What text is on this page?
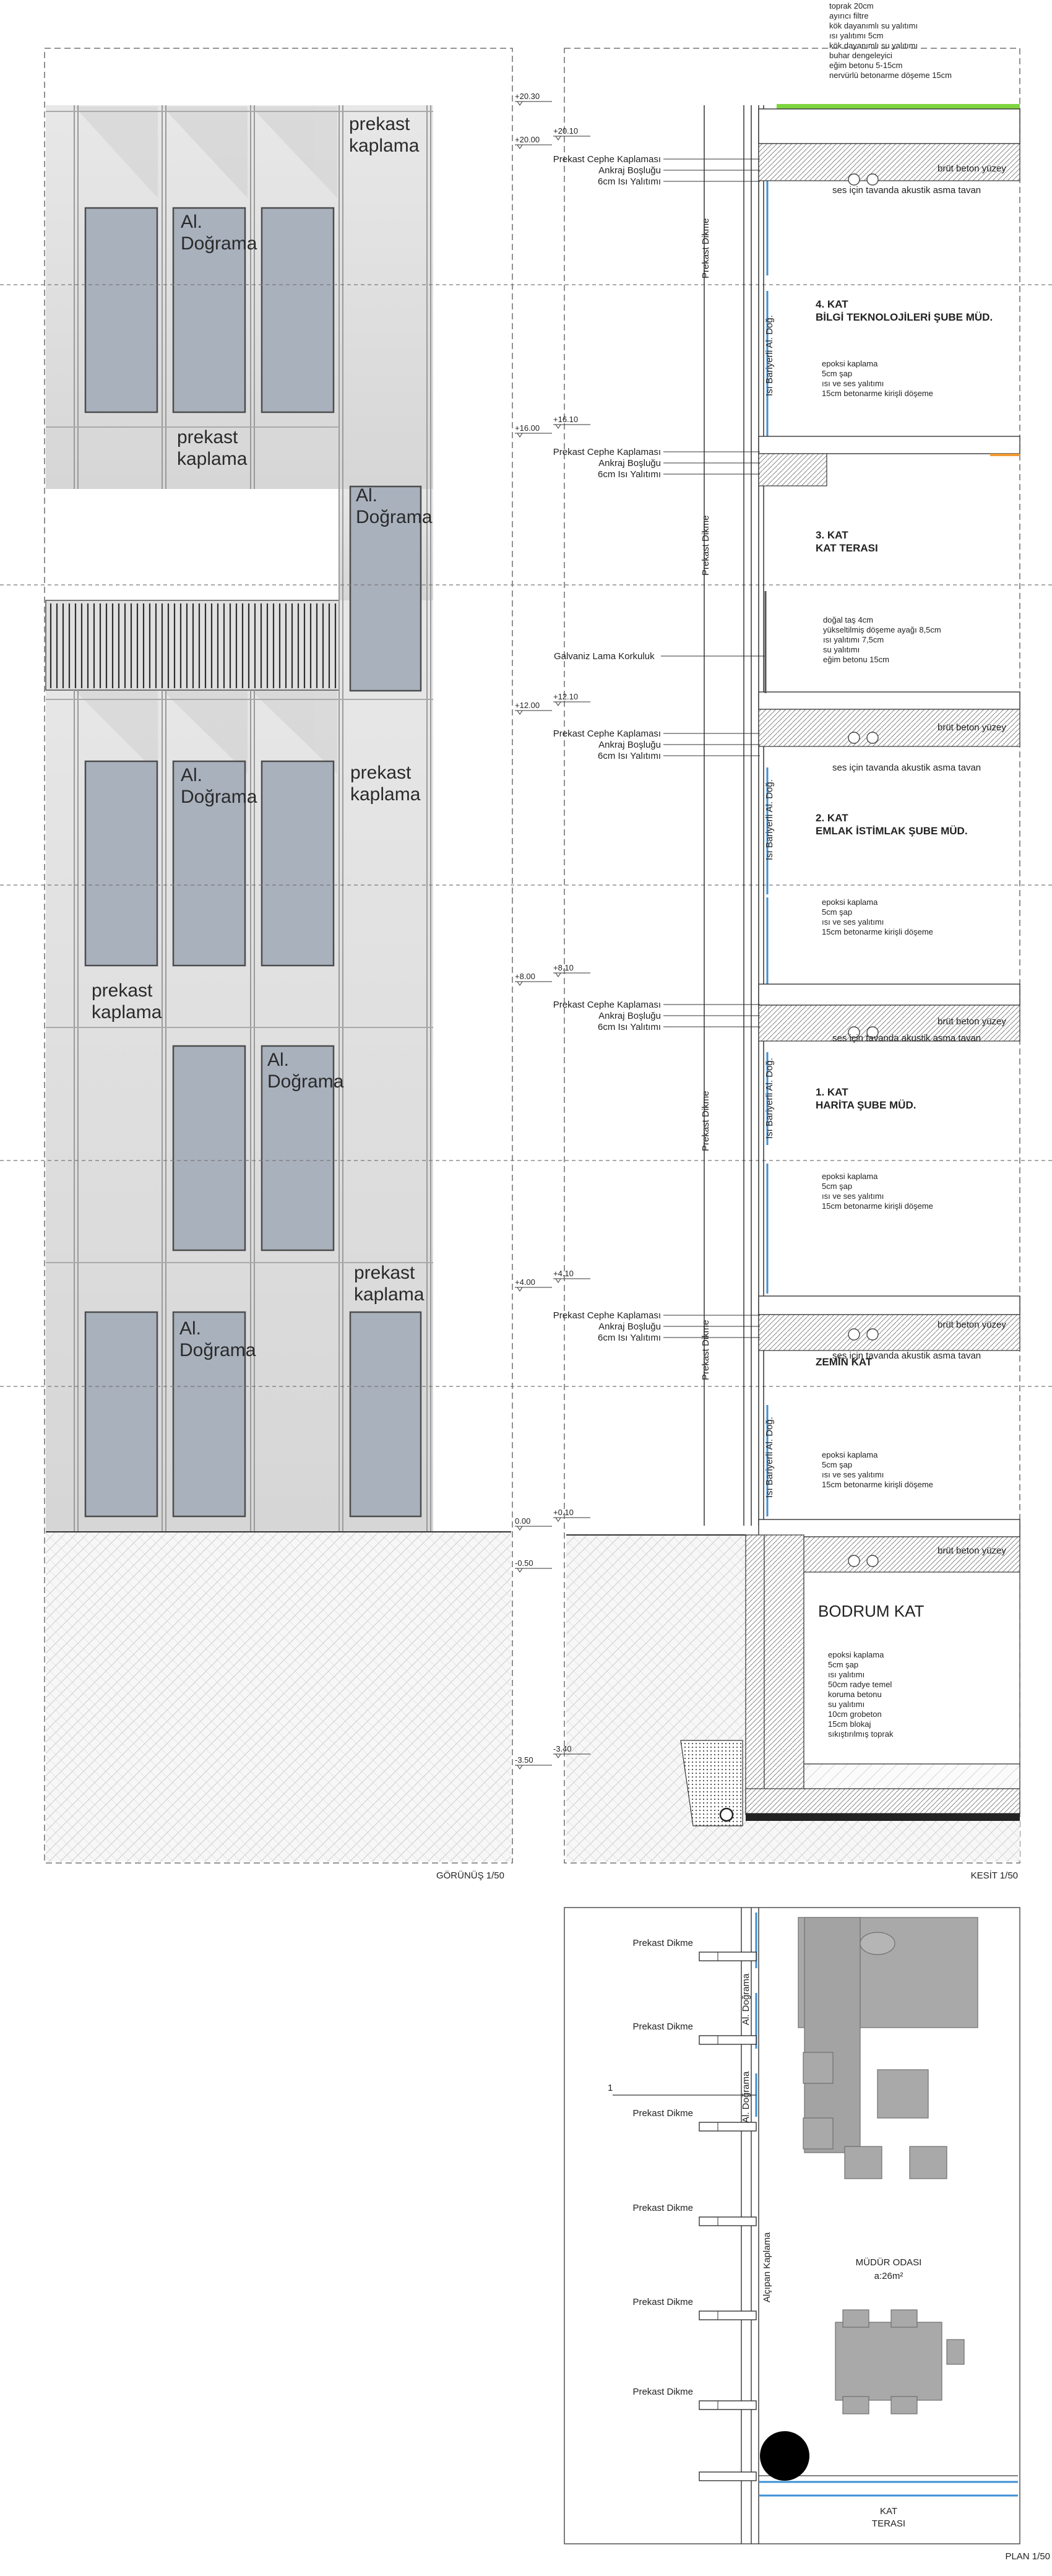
prekast
kaplama
Al.
Doğrama
prekast
kaplama
Al.
Doğrama
Al.
Doğrama
prekast
kaplama
prekast
kaplama
Al.
Doğrama
prekast
kaplama
Al.
Doğrama
GÖRÜNÜŞ 1/50
Prekast Cephe Kaplaması
Ankraj Boşluğu
6cm Isı Yalıtımı
Prekast Cephe Kaplaması
Ankraj Boşluğu
6cm Isı Yalıtımı
Prekast Cephe Kaplaması
Ankraj Boşluğu
6cm Isı Yalıtımı
Prekast Cephe Kaplaması
Ankraj Boşluğu
6cm Isı Yalıtımı
Prekast Cephe Kaplaması
Ankraj Boşluğu
6cm Isı Yalıtımı
Prekast Dikme
Prekast Dikme
Prekast Dikme
Prekast Dikme
Isı Bariyerli Al. Doğ.
Isı Bariyerli Al. Doğ.
Isı Bariyerli Al. Doğ.
Isı Bariyerli Al. Doğ.
4. KAT
BİLGİ TEKNOLOJİLERİ ŞUBE MÜD.
3. KAT
KAT TERASI
2. KAT
EMLAK İSTİMLAK ŞUBE MÜD.
1. KAT
HARİTA ŞUBE MÜD.
ZEMİN KAT
BODRUM KAT
toprak 20cm
ayırıcı filtre
kök dayanımlı su yalıtımı
ısı yalıtımı 5cm
kök dayanımlı su yalıtımı
buhar dengeleyici
eğim betonu 5-15cm
nervürlü betonarme döşeme 15cm
doğal taş 4cm
yükseltilmiş döşeme ayağı 8,5cm
ısı yalıtımı 7,5cm
su yalıtımı
eğim betonu 15cm
epoksi kaplama
5cm şap
ısı ve ses yalıtımı
15cm betonarme kirişli döşeme
epoksi kaplama
5cm şap
ısı ve ses yalıtımı
15cm betonarme kirişli döşeme
epoksi kaplama
5cm şap
ısı ve ses yalıtımı
15cm betonarme kirişli döşeme
epoksi kaplama
5cm şap
ısı ve ses yalıtımı
15cm betonarme kirişli döşeme
epoksi kaplama
5cm şap
ısı yalıtımı
50cm radye temel
koruma betonu
su yalıtımı
10cm grobeton
15cm blokaj
sıkıştırılmış toprak
brüt beton yüzey
brüt beton yüzey
brüt beton yüzey
brüt beton yüzey
brüt beton yüzey
ses için tavanda akustik asma tavan
ses için tavanda akustik asma tavan
ses için tavanda akustik asma tavan
ses için tavanda akustik asma tavan
Galvaniz Lama Korkuluk
+20.30
+20.10
+20.00
+16.10
+16.00
+12.10
+12.00
+8.10
+8.00
+4.10
+4.00
+0.10
0.00
-0.50
-3.40
-3.50
KESİT 1/50
Prekast Dikme
Prekast Dikme
Prekast Dikme
Prekast Dikme
Prekast Dikme
Prekast Dikme
1
Al. Doğrama
Al. Doğrama
Alçıpan Kaplama	MÜDÜR ODASI
a:26m²
KAT
TERASI
PLAN 1/50
